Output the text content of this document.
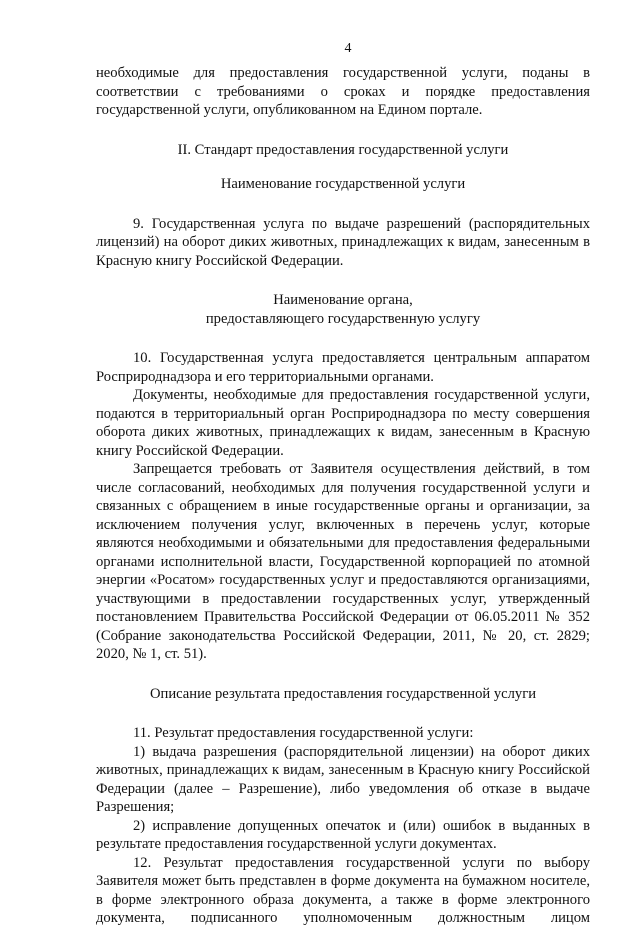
4

необходимые для предоставления государственной услуги, поданы в соответствии с требованиями о сроках и порядке предоставления государственной услуги, опубликованном на Едином портале.

II. Стандарт предоставления государственной услуги
Наименование государственной услуги

9. Государственная услуга по выдаче разрешений (распорядительных лицензий) на оборот диких животных, принадлежащих к видам, занесенным в Красную книгу Российской Федерации.

Наименование органа,
предоставляющего государственную услугу

10. Государственная услуга предоставляется центральным аппаратом Росприроднадзора и его территориальными органами.

Документы, необходимые для предоставления государственной услуги, подаются в территориальный орган Росприроднадзора по месту совершения оборота диких животных, принадлежащих к видам, занесенным в Красную книгу Российской Федерации.

Запрещается требовать от Заявителя осуществления действий, в том числе согласований, необходимых для получения государственной услуги и связанных с обращением в иные государственные органы и организации, за исключением получения услуг, включенных в перечень услуг, которые являются необходимыми и обязательными для предоставления федеральными органами исполнительной власти, Государственной корпорацией по атомной энергии «Росатом» государственных услуг и предоставляются организациями, участвующими в предоставлении государственных услуг, утвержденный постановлением Правительства Российской Федерации от 06.05.2011 № 352 (Собрание законодательства Российской Федерации, 2011, № 20, ст. 2829; 2020, № 1, ст. 51).

Описание результата предоставления государственной услуги

11. Результат предоставления государственной услуги:

1) выдача разрешения (распорядительной лицензии) на оборот диких животных, принадлежащих к видам, занесенным в Красную книгу Российской Федерации (далее – Разрешение), либо уведомления об отказе в выдаче Разрешения;

2) исправление допущенных опечаток и (или) ошибок в выданных в результате предоставления государственной услуги документах.

12. Результат предоставления государственной услуги по выбору Заявителя может быть представлен в форме документа на бумажном носителе, в форме электронного образа документа, а также в форме электронного документа, подписанного уполномоченным должностным лицом
